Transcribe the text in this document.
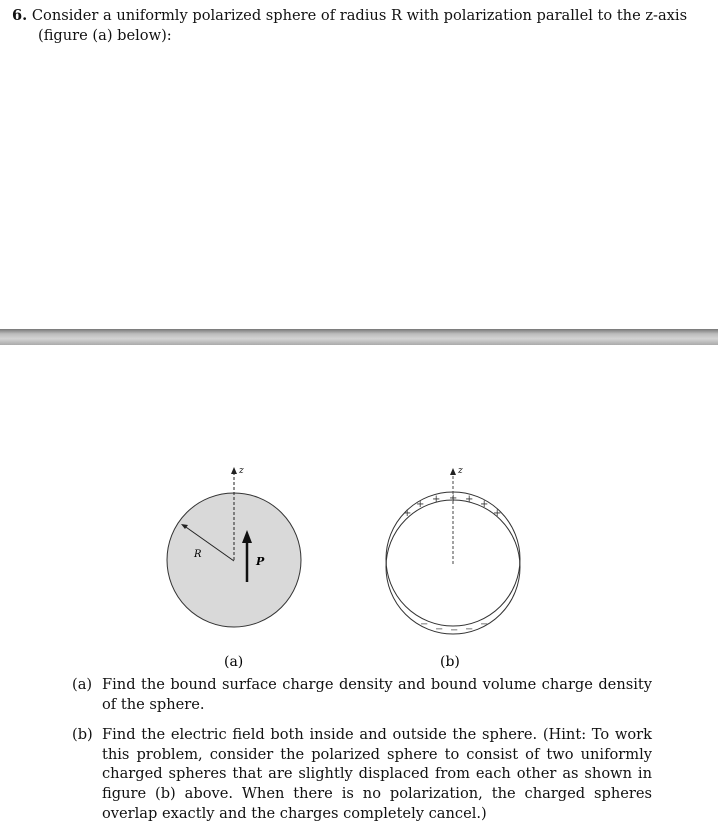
6. Consider a uniformly polarized sphere of radius R with polarization parallel to the z-axis
(figure (a) below):
z
R
P
(a)
z
+
+ + + + +
+
− − − − −
(b)
(a) Find the bound surface charge density and bound volume charge density of the sphere.
(b) Find the electric field both inside and outside the sphere. (Hint: To work this problem, consider the polarized sphere to consist of two uniformly charged spheres that are slightly displaced from each other as shown in figure (b) above. When there is no polarization, the charged spheres overlap exactly and the charges completely cancel.)
